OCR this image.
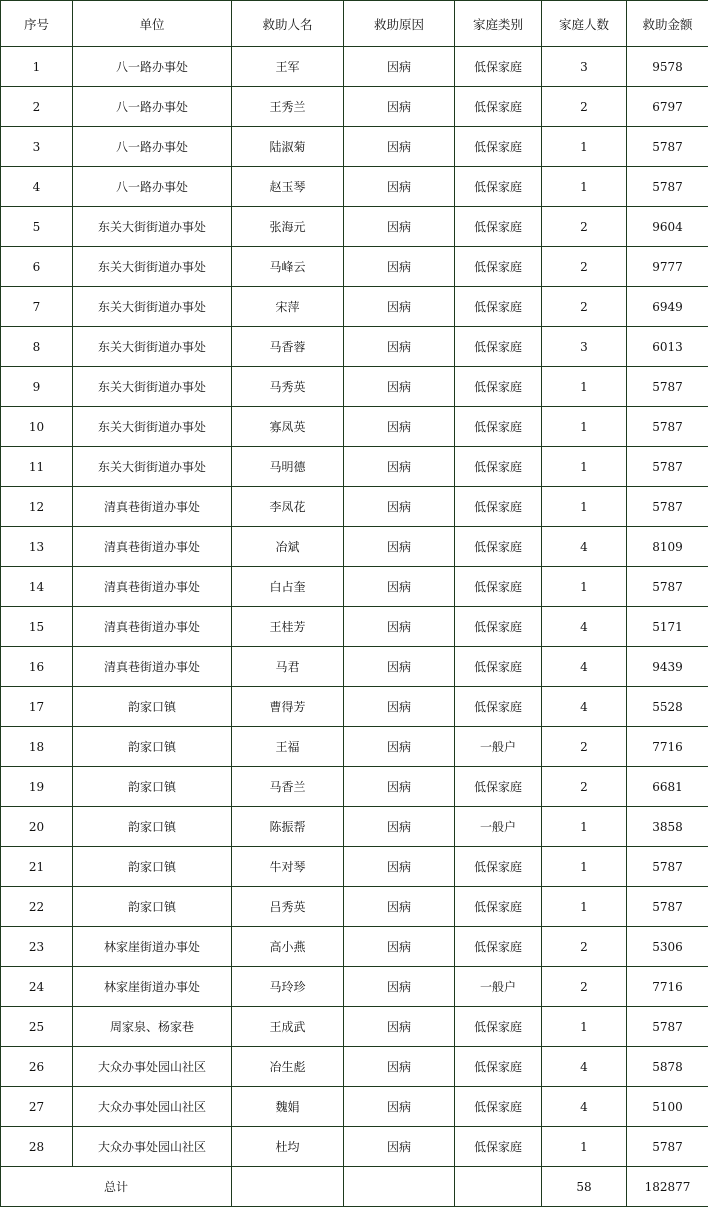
序号	单位	救助人名	救助原因	家庭类别	家庭人数	救助金额
1	八一路办事处	王军	因病	低保家庭	3	9578
2	八一路办事处	王秀兰	因病	低保家庭	2	6797
3	八一路办事处	陆淑菊	因病	低保家庭	1	5787
4	八一路办事处	赵玉琴	因病	低保家庭	1	5787
5	东关大街街道办事处	张海元	因病	低保家庭	2	9604
6	东关大街街道办事处	马峰云	因病	低保家庭	2	9777
7	东关大街街道办事处	宋萍	因病	低保家庭	2	6949
8	东关大街街道办事处	马香蓉	因病	低保家庭	3	6013
9	东关大街街道办事处	马秀英	因病	低保家庭	1	5787
10	东关大街街道办事处	寡凤英	因病	低保家庭	1	5787
11	东关大街街道办事处	马明德	因病	低保家庭	1	5787
12	清真巷街道办事处	李凤花	因病	低保家庭	1	5787
13	清真巷街道办事处	冶斌	因病	低保家庭	4	8109
14	清真巷街道办事处	白占奎	因病	低保家庭	1	5787
15	清真巷街道办事处	王桂芳	因病	低保家庭	4	5171
16	清真巷街道办事处	马君	因病	低保家庭	4	9439
17	韵家口镇	曹得芳	因病	低保家庭	4	5528
18	韵家口镇	王福	因病	一般户	2	7716
19	韵家口镇	马香兰	因病	低保家庭	2	6681
20	韵家口镇	陈振帮	因病	一般户	1	3858
21	韵家口镇	牛对琴	因病	低保家庭	1	5787
22	韵家口镇	吕秀英	因病	低保家庭	1	5787
23	林家崖街道办事处	高小燕	因病	低保家庭	2	5306
24	林家崖街道办事处	马玲珍	因病	一般户	2	7716
25	周家泉、杨家巷	王成武	因病	低保家庭	1	5787
26	大众办事处园山社区	冶生彪	因病	低保家庭	4	5878
27	大众办事处园山社区	魏娟	因病	低保家庭	4	5100
28	大众办事处园山社区	杜均	因病	低保家庭	1	5787
总计					58	182877
